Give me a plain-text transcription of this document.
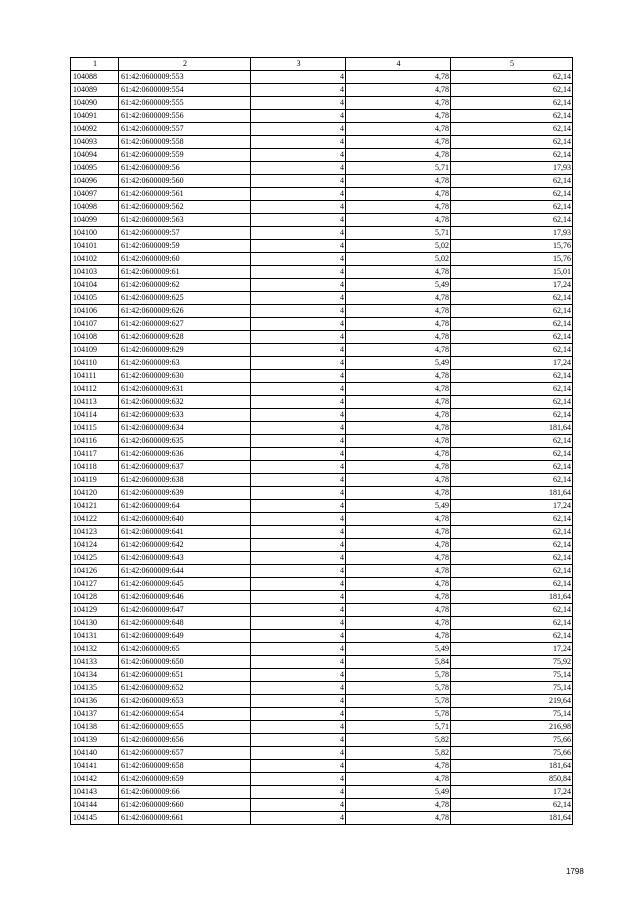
1	2	3	4	5
104088	61:42:0600009:553	4	4,78	62,14
104089	61:42:0600009:554	4	4,78	62,14
104090	61:42:0600009:555	4	4,78	62,14
104091	61:42:0600009:556	4	4,78	62,14
104092	61:42:0600009:557	4	4,78	62,14
104093	61:42:0600009:558	4	4,78	62,14
104094	61:42:0600009:559	4	4,78	62,14
104095	61:42:0600009:56	4	5,71	17,93
104096	61:42:0600009:560	4	4,78	62,14
104097	61:42:0600009:561	4	4,78	62,14
104098	61:42:0600009:562	4	4,78	62,14
104099	61:42:0600009:563	4	4,78	62,14
104100	61:42:0600009:57	4	5,71	17,93
104101	61:42:0600009:59	4	5,02	15,76
104102	61:42:0600009:60	4	5,02	15,76
104103	61:42:0600009:61	4	4,78	15,01
104104	61:42:0600009:62	4	5,49	17,24
104105	61:42:0600009:625	4	4,78	62,14
104106	61:42:0600009:626	4	4,78	62,14
104107	61:42:0600009:627	4	4,78	62,14
104108	61:42:0600009:628	4	4,78	62,14
104109	61:42:0600009:629	4	4,78	62,14
104110	61:42:0600009:63	4	5,49	17,24
104111	61:42:0600009:630	4	4,78	62,14
104112	61:42:0600009:631	4	4,78	62,14
104113	61:42:0600009:632	4	4,78	62,14
104114	61:42:0600009:633	4	4,78	62,14
104115	61:42:0600009:634	4	4,78	181,64
104116	61:42:0600009:635	4	4,78	62,14
104117	61:42:0600009:636	4	4,78	62,14
104118	61:42:0600009:637	4	4,78	62,14
104119	61:42:0600009:638	4	4,78	62,14
104120	61:42:0600009:639	4	4,78	181,64
104121	61:42:0600009:64	4	5,49	17,24
104122	61:42:0600009:640	4	4,78	62,14
104123	61:42:0600009:641	4	4,78	62,14
104124	61:42:0600009:642	4	4,78	62,14
104125	61:42:0600009:643	4	4,78	62,14
104126	61:42:0600009:644	4	4,78	62,14
104127	61:42:0600009:645	4	4,78	62,14
104128	61:42:0600009:646	4	4,78	181,64
104129	61:42:0600009:647	4	4,78	62,14
104130	61:42:0600009:648	4	4,78	62,14
104131	61:42:0600009:649	4	4,78	62,14
104132	61:42:0600009:65	4	5,49	17,24
104133	61:42:0600009:650	4	5,84	75,92
104134	61:42:0600009:651	4	5,78	75,14
104135	61:42:0600009:652	4	5,78	75,14
104136	61:42:0600009:653	4	5,78	219,64
104137	61:42:0600009:654	4	5,78	75,14
104138	61:42:0600009:655	4	5,71	216,98
104139	61:42:0600009:656	4	5,82	75,66
104140	61:42:0600009:657	4	5,82	75,66
104141	61:42:0600009:658	4	4,78	181,64
104142	61:42:0600009:659	4	4,78	850,84
104143	61:42:0600009:66	4	5,49	17,24
104144	61:42:0600009:660	4	4,78	62,14
104145	61:42:0600009:661	4	4,78	181,64
1798
